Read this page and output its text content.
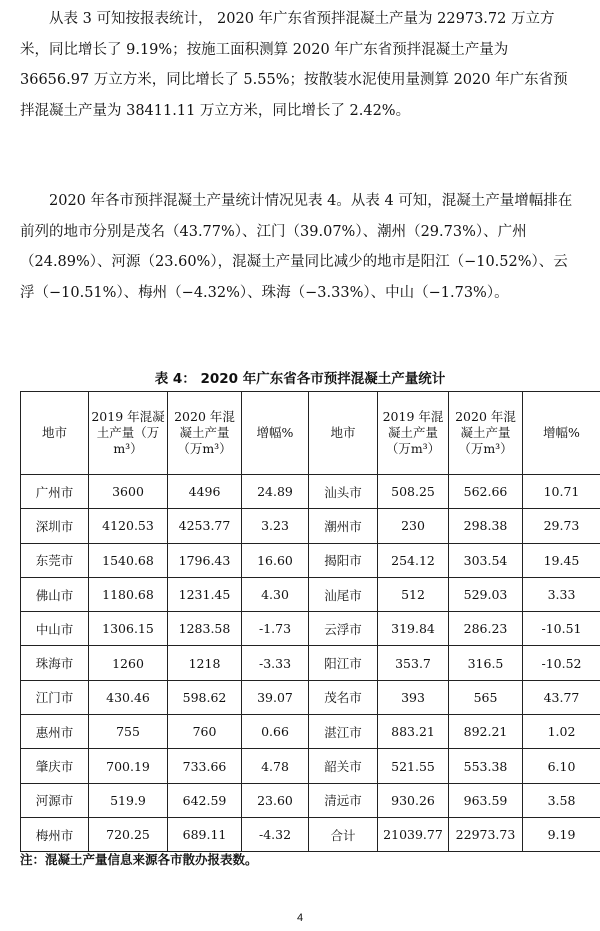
从表 3 可知按报表统计， 2020 年广东省预拌混凝土产量为 22973.72 万立方米，同比增长了 9.19%；按施工面积测算 2020 年广东省预拌混凝土产量为 36656.97 万立方米，同比增长了 5.55%；按散装水泥使用量测算 2020 年广东省预拌混凝土产量为 38411.11 万立方米，同比增长了 2.42%。

2020 年各市预拌混凝土产量统计情况见表 4。从表 4 可知，混凝土产量增幅排在前列的地市分别是茂名（43.77%）、江门（39.07%）、潮州（29.73%）、广州（24.89%）、河源（23.60%），混凝土产量同比减少的地市是阳江（−10.52%）、云浮（−10.51%）、梅州（−4.32%）、珠海（−3.33%）、中山（−1.73%）。

表 4： 2020 年广东省各市预拌混凝土产量统计
地市	2019 年混凝土产量（万 m³）	2020 年混凝土产量（万m³）	增幅%	地市	2019 年混凝土产量（万m³）	2020 年混凝土产量（万m³）	增幅%
广州市	3600	4496	24.89	汕头市	508.25	562.66	10.71
深圳市	4120.53	4253.77	3.23	潮州市	230	298.38	29.73
东莞市	1540.68	1796.43	16.60	揭阳市	254.12	303.54	19.45
佛山市	1180.68	1231.45	4.30	汕尾市	512	529.03	3.33
中山市	1306.15	1283.58	-1.73	云浮市	319.84	286.23	-10.51
珠海市	1260	1218	-3.33	阳江市	353.7	316.5	-10.52
江门市	430.46	598.62	39.07	茂名市	393	565	43.77
惠州市	755	760	0.66	湛江市	883.21	892.21	1.02
肇庆市	700.19	733.66	4.78	韶关市	521.55	553.38	6.10
河源市	519.9	642.59	23.60	清远市	930.26	963.59	3.58
梅州市	720.25	689.11	-4.32	合计	21039.77	22973.73	9.19
注：混凝土产量信息来源各市散办报表数。
4
